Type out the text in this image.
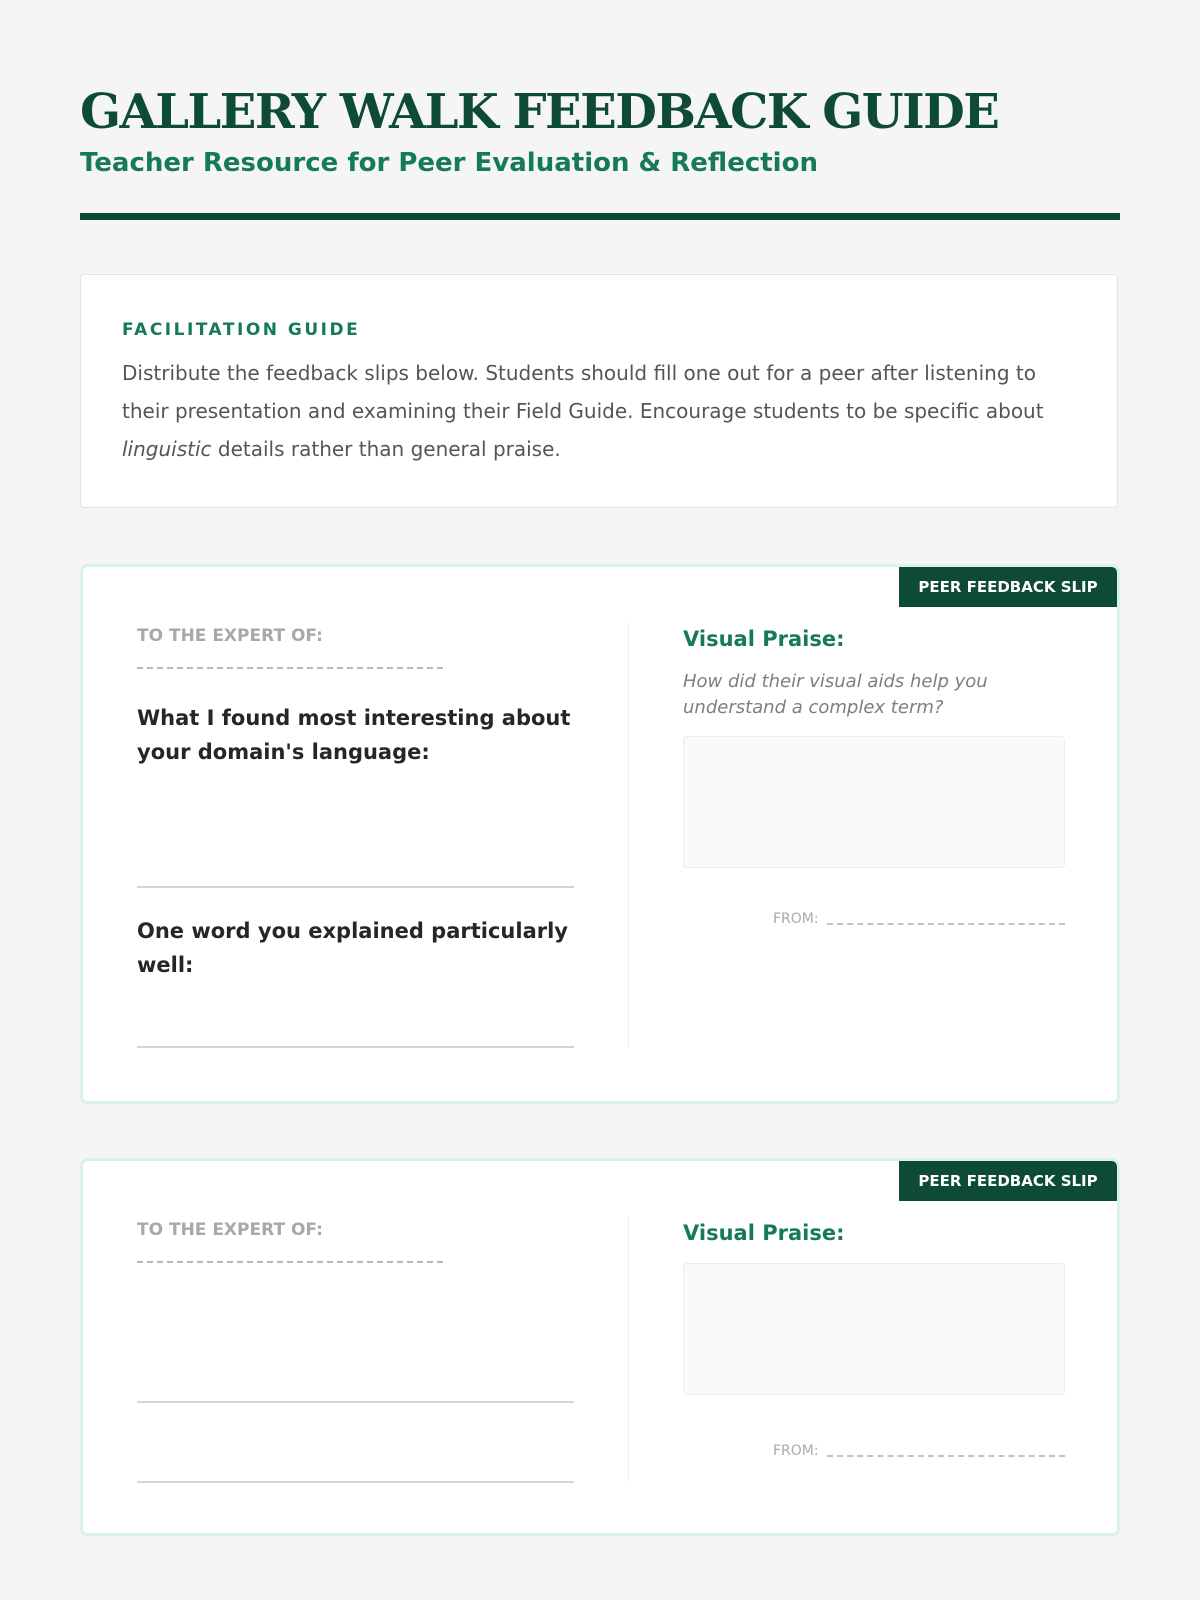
GALLERY WALK FEEDBACK GUIDE
Teacher Resource for Peer Evaluation & Reflection
FACILITATION GUIDE

Distribute the feedback slips below. Students should fill one out for a peer after listening to their presentation and examining their Field Guide. Encourage students to be specific about linguistic details rather than general praise.

PEER FEEDBACK SLIP

TO THE EXPERT OF:

What I found most interesting about your domain's language:

One word you explained particularly well:

Visual Praise:

How did their visual aids help you understand a complex term?

FROM:
PEER FEEDBACK SLIP

TO THE EXPERT OF:	Visual Praise:

FROM:
